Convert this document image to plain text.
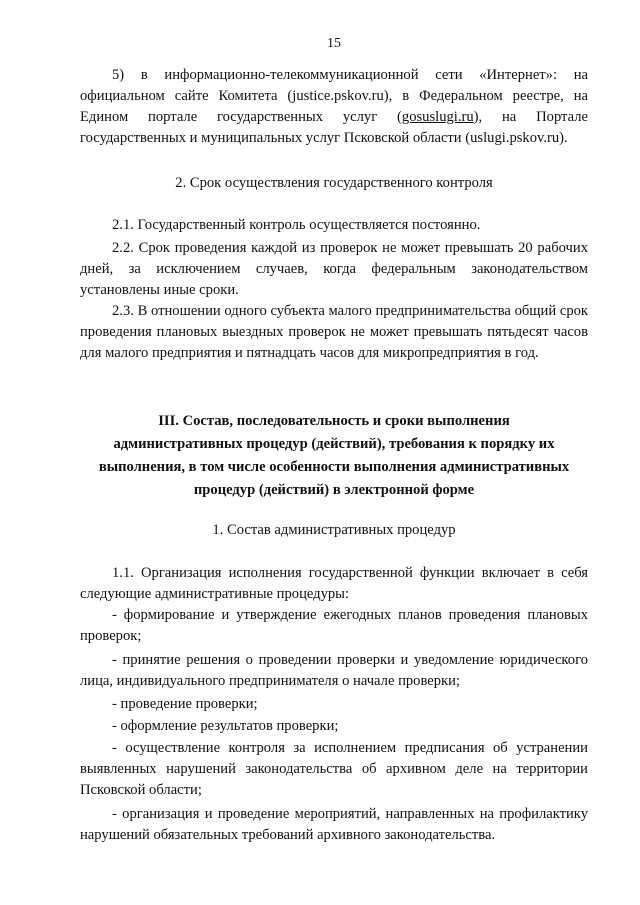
15

5) в информационно-телекоммуникационной сети «Интернет»: на официальном сайте Комитета (justice.pskov.ru), в Федеральном реестре, на Едином портале государственных услуг (gosuslugi.ru), на Портале государственных и муниципальных услуг Псковской области (uslugi.pskov.ru).

2. Срок осуществления государственного контроля

2.1. Государственный контроль осуществляется постоянно.

2.2. Срок проведения каждой из проверок не может превышать 20 рабочих дней, за исключением случаев, когда федеральным законодательством установлены иные сроки.

2.3. В отношении одного субъекта малого предпринимательства общий срок проведения плановых выездных проверок не может превышать пятьдесят часов для малого предприятия и пятнадцать часов для микропредприятия в год.

III. Состав, последовательность и сроки выполнения
административных процедур (действий), требования к порядку их
выполнения, в том числе особенности выполнения административных
процедур (действий) в электронной форме
1. Состав административных процедур

1.1. Организация исполнения государственной функции включает в себя следующие административные процедуры:

- формирование и утверждение ежегодных планов проведения плановых проверок;

- принятие решения о проведении проверки и уведомление юридического лица, индивидуального предпринимателя о начале проверки;

- проведение проверки;

- оформление результатов проверки;

- осуществление контроля за исполнением предписания об устранении выявленных нарушений законодательства об архивном деле на территории Псковской области;

- организация и проведение мероприятий, направленных на профилактику нарушений обязательных требований архивного законодательства.
